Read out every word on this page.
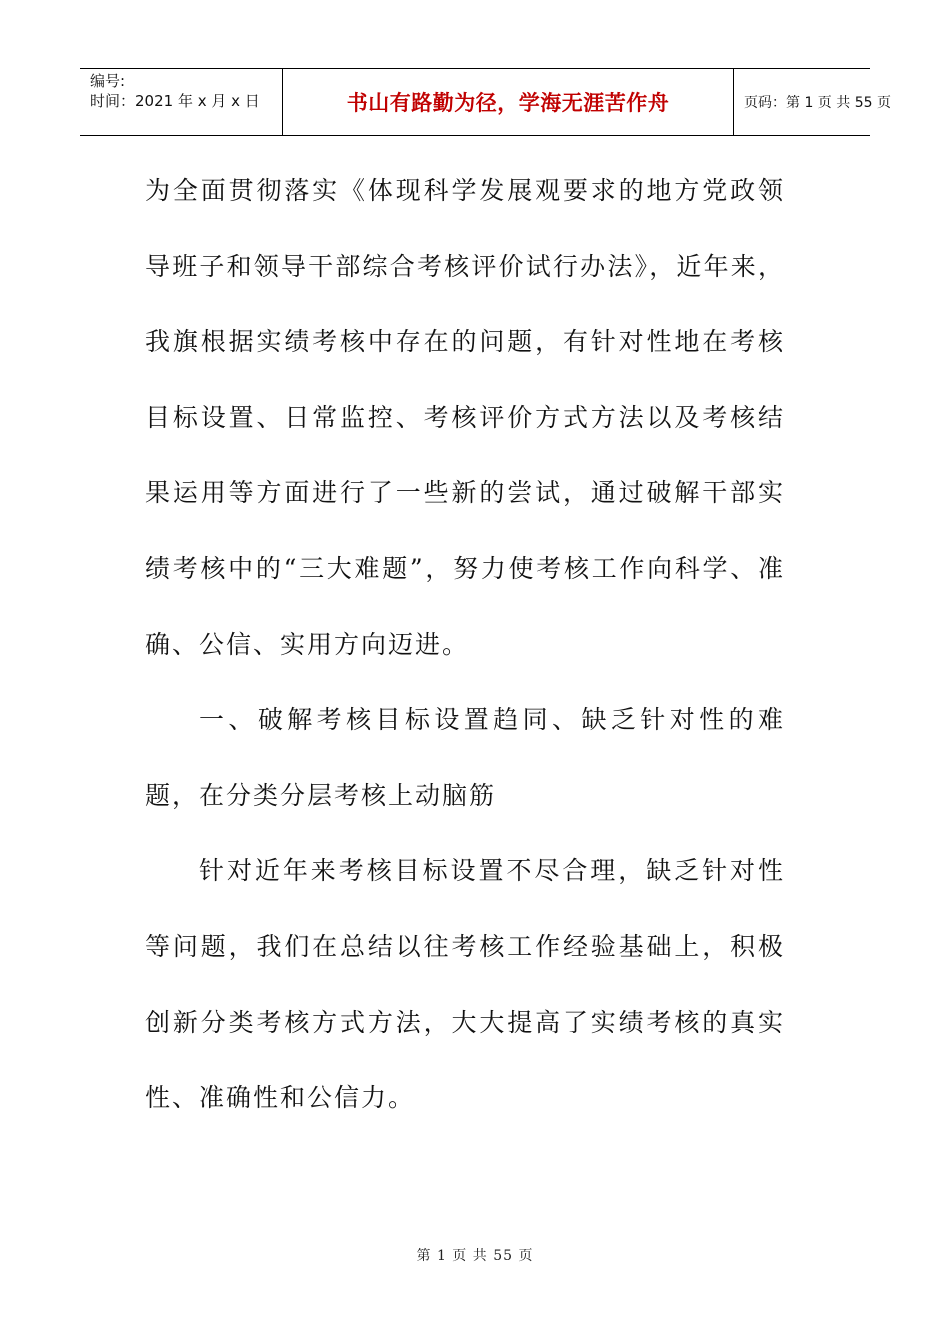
编号:
时间：2021 年 x 月 x 日	书山有路勤为径，学海无涯苦作舟	页码：第 1 页 共 55 页

为全面贯彻落实《体现科学发展观要求的地方党政领导班子和领导干部综合考核评价试行办法》，近年来，我旗根据实绩考核中存在的问题，有针对性地在考核目标设置、日常监控、考核评价方式方法以及考核结果运用等方面进行了一些新的尝试，通过破解干部实绩考核中的“三大难题”，努力使考核工作向科学、准确、公信、实用方向迈进。

一、破解考核目标设置趋同、缺乏针对性的难题，在分类分层考核上动脑筋

针对近年来考核目标设置不尽合理，缺乏针对性等问题，我们在总结以往考核工作经验基础上，积极创新分类考核方式方法，大大提高了实绩考核的真实性、准确性和公信力。

第 1 页 共 55 页
